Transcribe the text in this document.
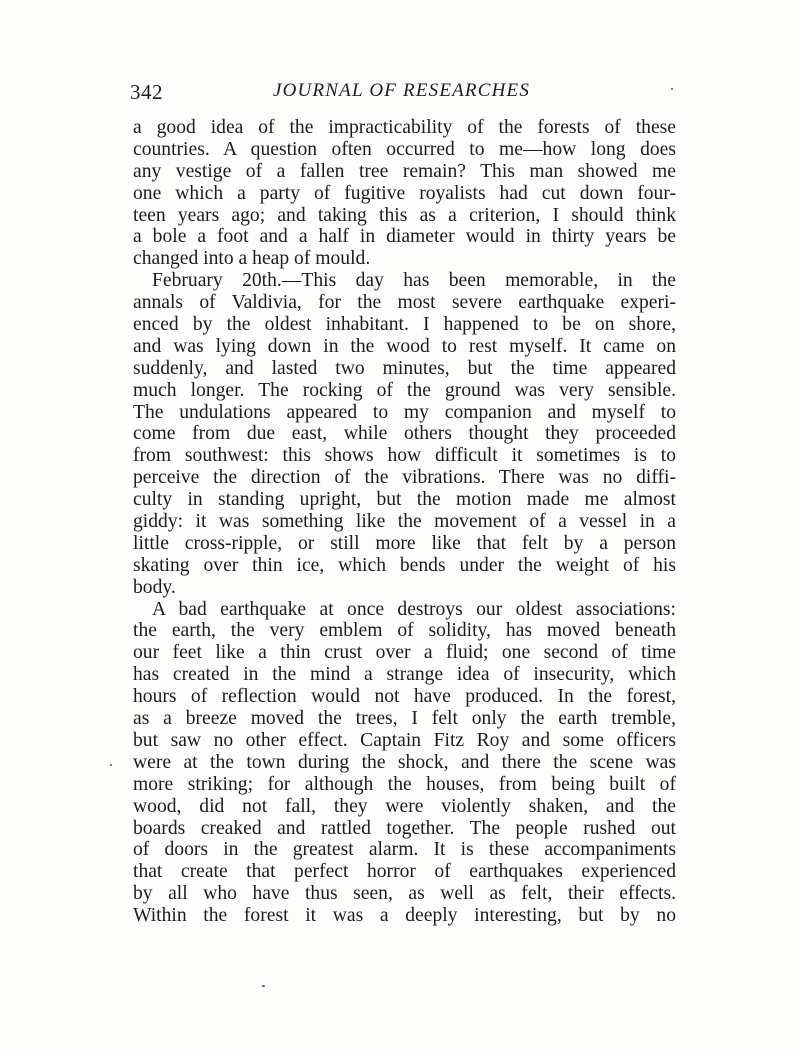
342	JOURNAL OF RESEARCHES
a good idea of the impracticability of the forests of these
countries. A question often occurred to me—how long does
any vestige of a fallen tree remain? This man showed me
one which a party of fugitive royalists had cut down four-
teen years ago; and taking this as a criterion, I should think
a bole a foot and a half in diameter would in thirty years be
changed into a heap of mould.
February 20th.—This day has been memorable, in the
annals of Valdivia, for the most severe earthquake experi-
enced by the oldest inhabitant. I happened to be on shore,
and was lying down in the wood to rest myself. It came on
suddenly, and lasted two minutes, but the time appeared
much longer. The rocking of the ground was very sensible.
The undulations appeared to my companion and myself to
come from due east, while others thought they proceeded
from southwest: this shows how difficult it sometimes is to
perceive the direction of the vibrations. There was no diffi-
culty in standing upright, but the motion made me almost
giddy: it was something like the movement of a vessel in a
little cross-ripple, or still more like that felt by a person
skating over thin ice, which bends under the weight of his
body.
A bad earthquake at once destroys our oldest associations:
the earth, the very emblem of solidity, has moved beneath
our feet like a thin crust over a fluid; one second of time
has created in the mind a strange idea of insecurity, which
hours of reflection would not have produced. In the forest,
as a breeze moved the trees, I felt only the earth tremble,
but saw no other effect. Captain Fitz Roy and some officers
were at the town during the shock, and there the scene was
more striking; for although the houses, from being built of
wood, did not fall, they were violently shaken, and the
boards creaked and rattled together. The people rushed out
of doors in the greatest alarm. It is these accompaniments
that create that perfect horror of earthquakes experienced
by all who have thus seen, as well as felt, their effects.
Within the forest it was a deeply interesting, but by no
